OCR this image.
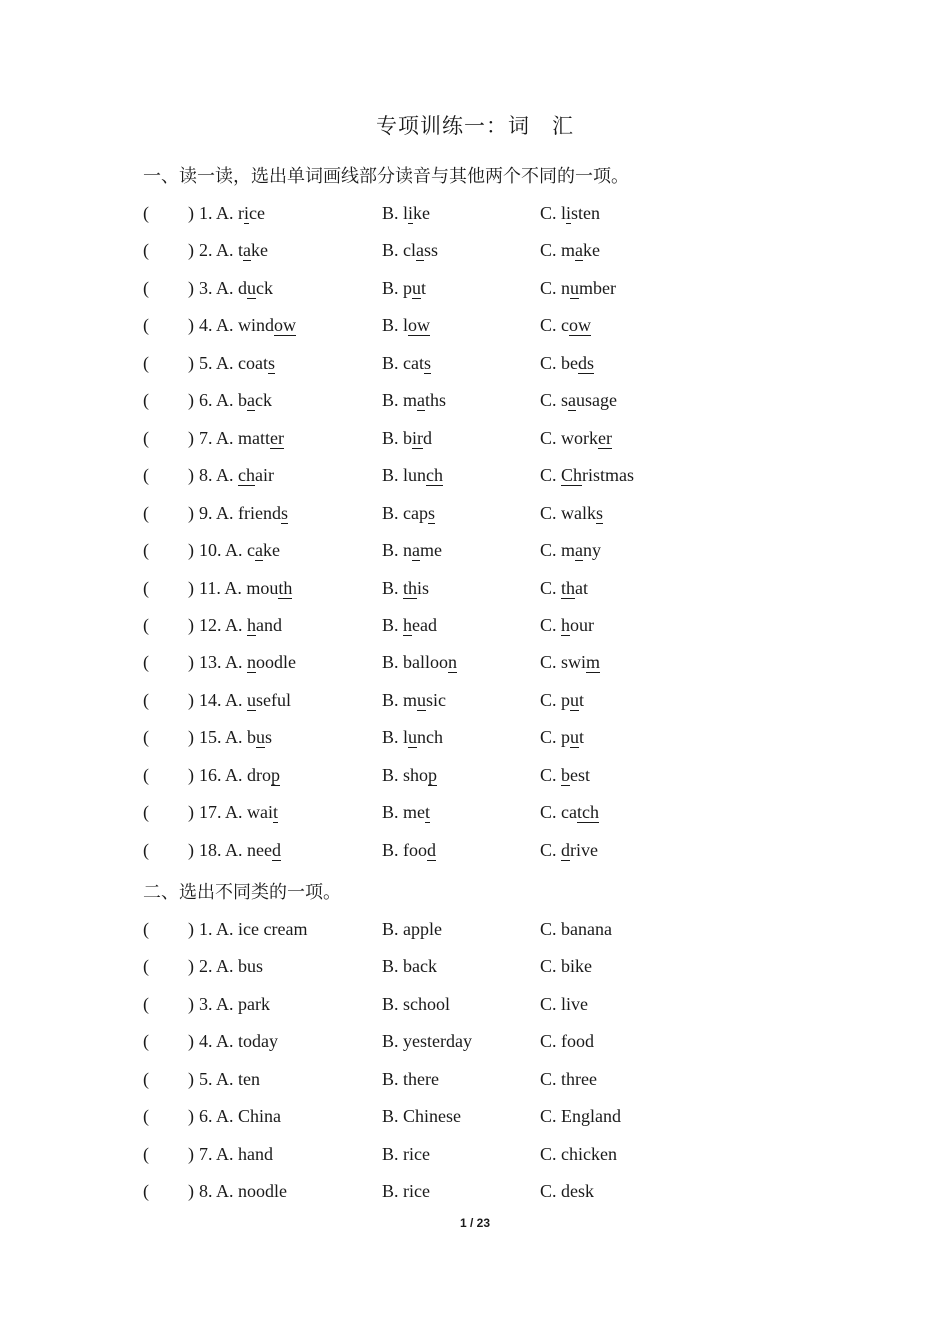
专项训练一：词　汇
一、读一读，选出单词画线部分读音与其他两个不同的一项。
( ) 1. A. rice	B. like	C. listen
( ) 2. A. take	B. class	C. make
( ) 3. A. duck	B. put	C. number
( ) 4. A. window	B. low	C. cow
( ) 5. A. coats	B. cats	C. beds
( ) 6. A. back	B. maths	C. sausage
( ) 7. A. matter	B. bird	C. worker
( ) 8. A. chair	B. lunch	C. Christmas
( ) 9. A. friends	B. caps	C. walks
( ) 10. A. cake	B. name	C. many
( ) 11. A. mouth	B. this	C. that
( ) 12. A. hand	B. head	C. hour
( ) 13. A. noodle	B. balloon	C. swim
( ) 14. A. useful	B. music	C. put
( ) 15. A. bus	B. lunch	C. put
( ) 16. A. drop	B. shop	C. best
( ) 17. A. wait	B. met	C. catch
( ) 18. A. need	B. food	C. drive
二、选出不同类的一项。
( ) 1. A. ice cream	B. apple	C. banana
( ) 2. A. bus	B. back	C. bike
( ) 3. A. park	B. school	C. live
( ) 4. A. today	B. yesterday	C. food
( ) 5. A. ten	B. there	C. three
( ) 6. A. China	B. Chinese	C. England
( ) 7. A. hand	B. rice	C. chicken
( ) 8. A. noodle	B. rice	C. desk
1 / 23
